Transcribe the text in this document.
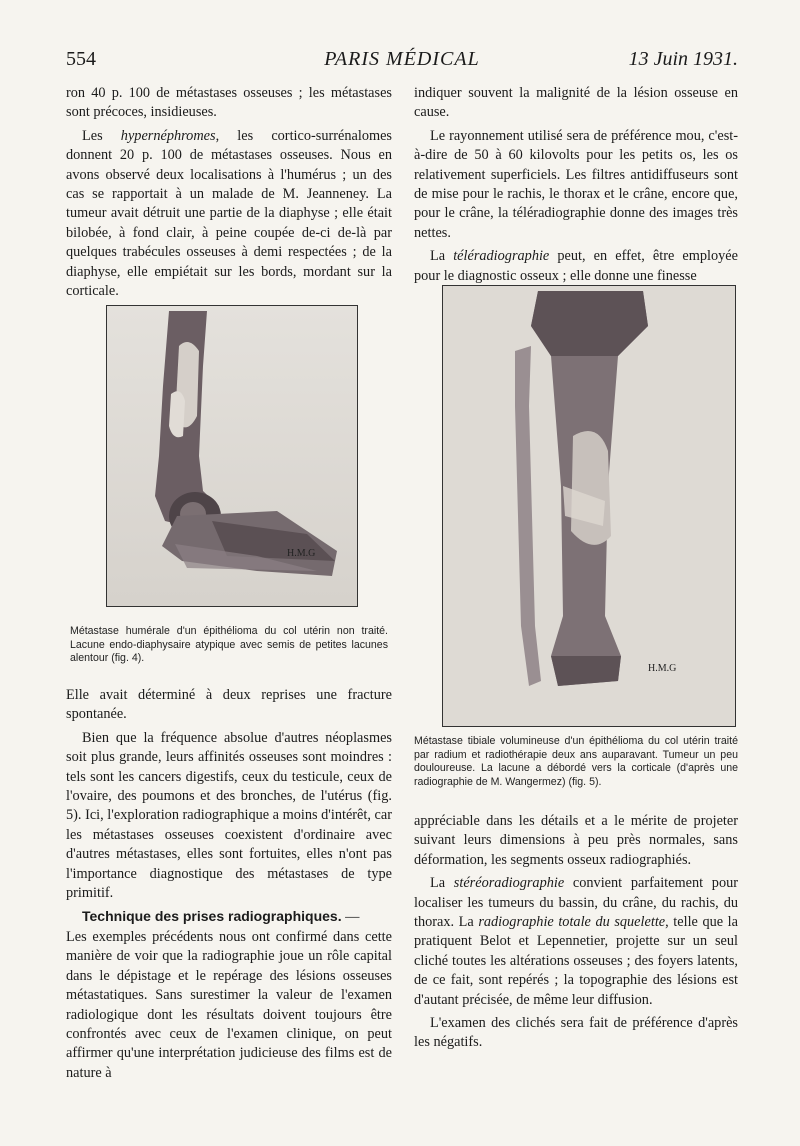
554	PARIS MÉDICAL	13 Juin 1931.

ron 40 p. 100 de métastases osseuses ; les métastases sont précoces, insidieuses.

Les hypernéphromes, les cortico-surrénalomes donnent 20 p. 100 de métastases osseuses. Nous en avons observé deux localisations à l'humérus ; un des cas se rapportait à un malade de M. Jeanneney. La tumeur avait détruit une partie de la diaphyse ; elle était bilobée, à fond clair, à peine coupée de-ci de-là par quelques trabécules osseuses à demi respectées ; de la diaphyse, elle empiétait sur les bords, mordant sur la corticale.

H.M.G
Métastase humérale d'un épithélioma du col utérin non traité. Lacune endo-diaphysaire atypique avec semis de petites lacunes alentour (fig. 4).

Elle avait déterminé à deux reprises une fracture spontanée.

Bien que la fréquence absolue d'autres néoplasmes soit plus grande, leurs affinités osseuses sont moindres : tels sont les cancers digestifs, ceux du testicule, ceux de l'ovaire, des poumons et des bronches, de l'utérus (fig. 5). Ici, l'exploration radiographique a moins d'intérêt, car les métastases osseuses coexistent d'ordinaire avec d'autres métastases, elles sont fortuites, elles n'ont pas l'importance diagnostique des métastases de type primitif.

Technique des prises radiographiques. —
Les exemples précédents nous ont confirmé dans cette manière de voir que la radiographie joue un rôle capital dans le dépistage et le repérage des lésions osseuses métastatiques. Sans surestimer la valeur de l'examen radiologique dont les résultats doivent toujours être confrontés avec ceux de l'examen clinique, on peut affirmer qu'une interprétation judicieuse des films est de nature à

indiquer souvent la malignité de la lésion osseuse en cause.

Le rayonnement utilisé sera de préférence mou, c'est-à-dire de 50 à 60 kilovolts pour les petits os, les os relativement superficiels. Les filtres antidiffuseurs sont de mise pour le rachis, le thorax et le crâne, encore que, pour le crâne, la téléradiographie donne des images très nettes.

La téléradiographie peut, en effet, être employée pour le diagnostic osseux ; elle donne une finesse

H.M.G
Métastase tibiale volumineuse d'un épithélioma du col utérin traité par radium et radiothérapie deux ans auparavant. Tumeur un peu douloureuse. La lacune a débordé vers la corticale (d'après une radiographie de M. Wangermez) (fig. 5).

appréciable dans les détails et a le mérite de projeter suivant leurs dimensions à peu près normales, sans déformation, les segments osseux radiographiés.

La stéréoradiographie convient parfaitement pour localiser les tumeurs du bassin, du crâne, du rachis, du thorax. La radiographie totale du squelette, telle que la pratiquent Belot et Lepennetier, projette sur un seul cliché toutes les altérations osseuses ; des foyers latents, de ce fait, sont repérés ; la topographie des lésions est d'autant précisée, de même leur diffusion.

L'examen des clichés sera fait de préférence d'après les négatifs.
